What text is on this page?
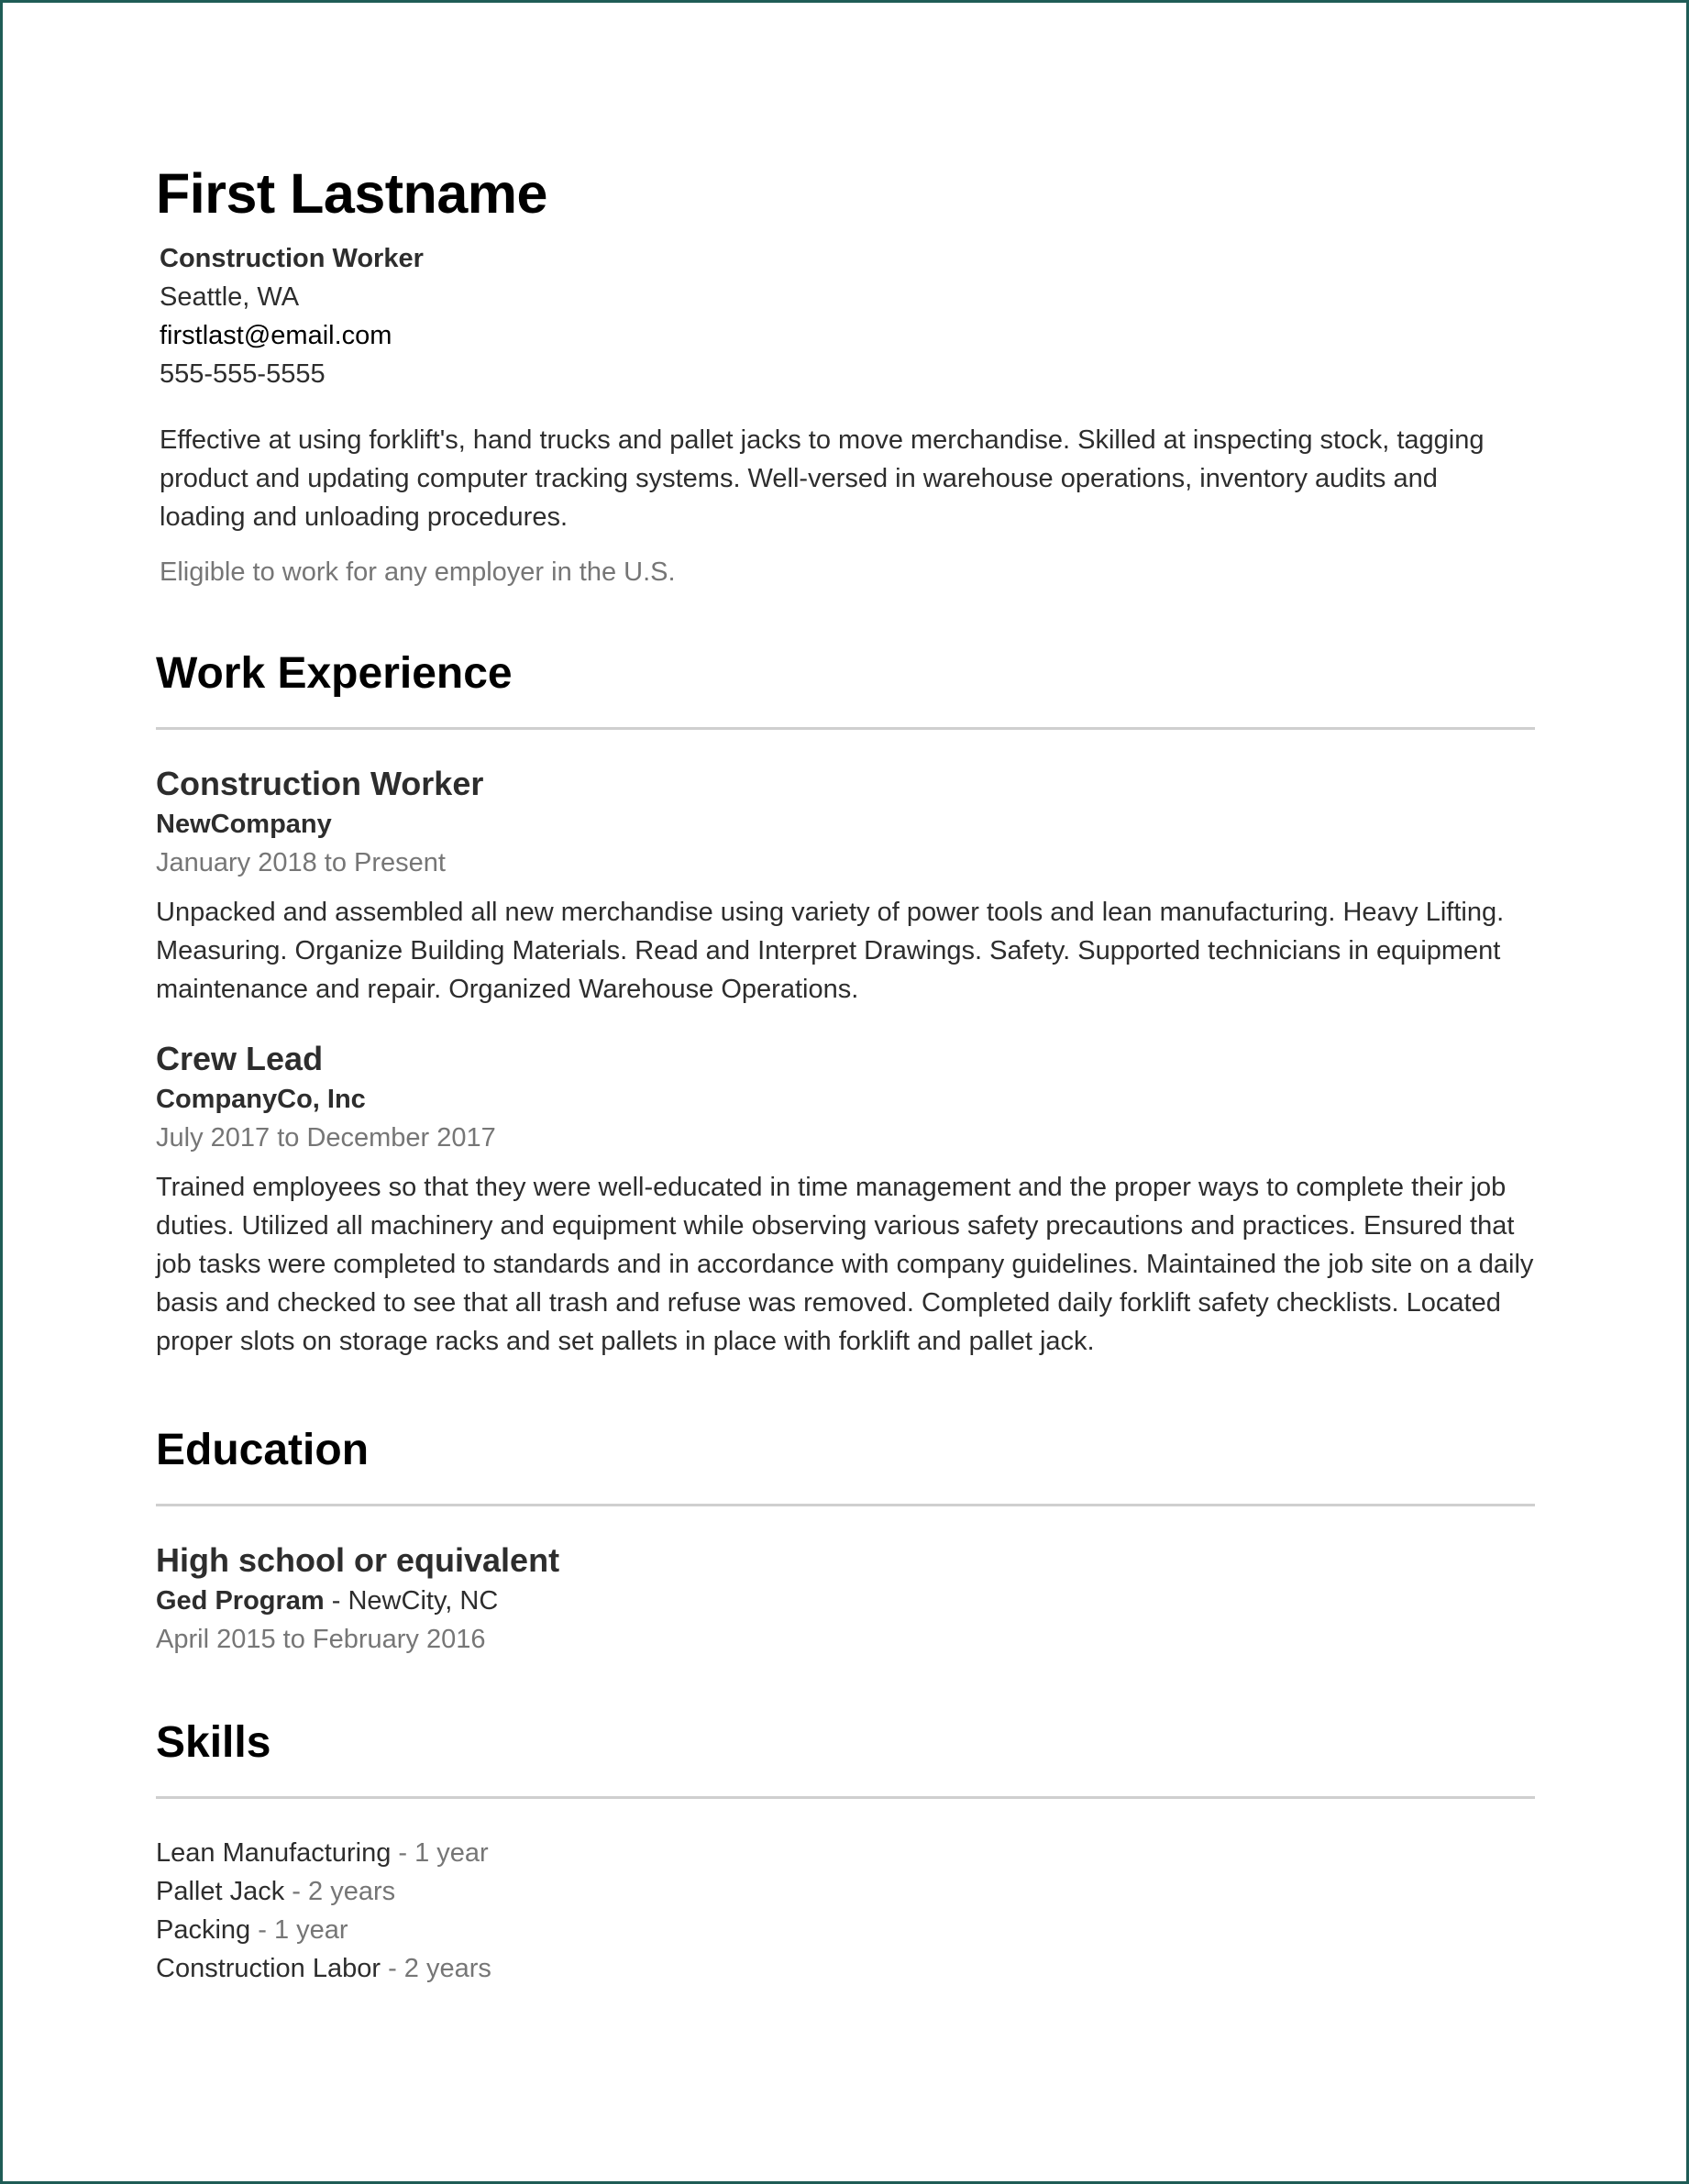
First Lastname
Construction Worker
Seattle, WA
firstlast@email.com
555-555-5555
Effective at using forklift's, hand trucks and pallet jacks to move merchandise. Skilled at inspecting stock, tagging product and updating computer tracking systems. Well-versed in warehouse operations, inventory audits and loading and unloading procedures.
Eligible to work for any employer in the U.S.
Work Experience
Construction Worker
NewCompany
January 2018 to Present
Unpacked and assembled all new merchandise using variety of power tools and lean manufacturing. Heavy Lifting. Measuring. Organize Building Materials. Read and Interpret Drawings. Safety. Supported technicians in equipment maintenance and repair. Organized Warehouse Operations.
Crew Lead
CompanyCo, Inc
July 2017 to December 2017
Trained employees so that they were well-educated in time management and the proper ways to complete their job duties. Utilized all machinery and equipment while observing various safety precautions and practices. Ensured that job tasks were completed to standards and in accordance with company guidelines. Maintained the job site on a daily basis and checked to see that all trash and refuse was removed. Completed daily forklift safety checklists. Located proper slots on storage racks and set pallets in place with forklift and pallet jack.
Education
High school or equivalent
Ged Program - NewCity, NC
April 2015 to February 2016
Skills
Lean Manufacturing - 1 year
Pallet Jack - 2 years
Packing - 1 year
Construction Labor - 2 years
